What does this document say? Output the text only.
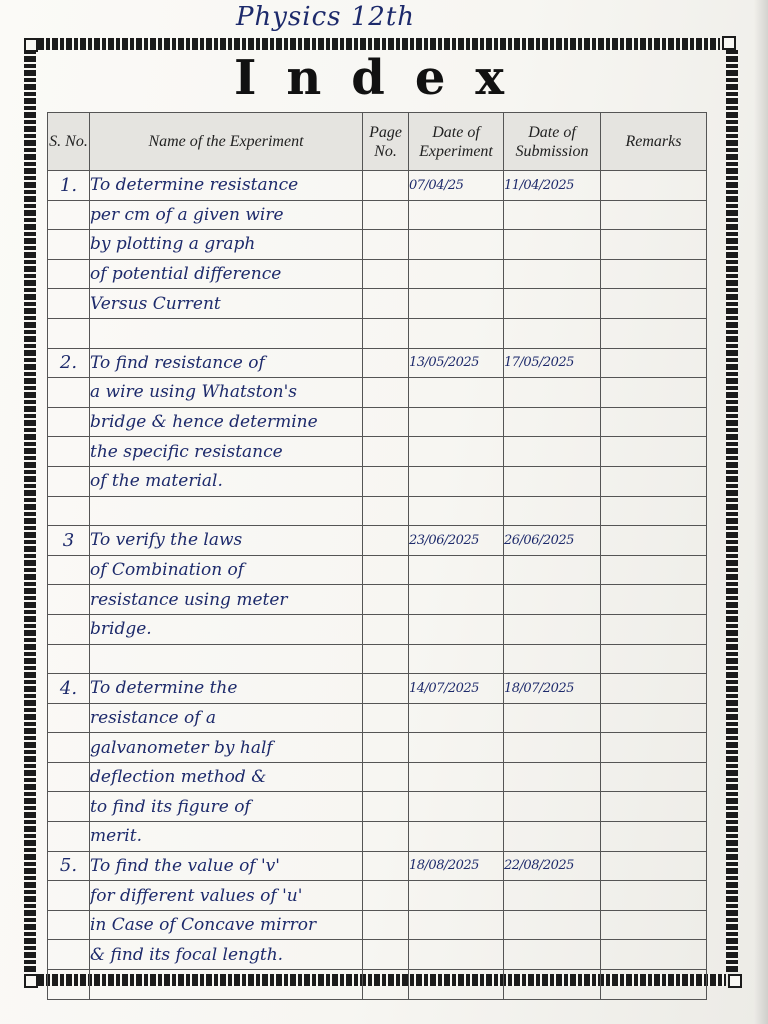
Physics 12th
Index
S. No.	Name of the Experiment	Page No.	Date of Experiment	Date of Submission	Remarks
1.	To determine resistance		07/04/25	11/04/2025	
	per cm of a given wire				
	by plotting a graph				
	of potential difference				
	Versus Current				

2.	To find resistance of		13/05/2025	17/05/2025	
	a wire using Whatston's				
	bridge & hence determine				
	the specific resistance				
	of the material.				

3	To verify the laws		23/06/2025	26/06/2025	
	of Combination of				
	resistance using meter				
	bridge.				

4.	To determine the		14/07/2025	18/07/2025	
	resistance of a				
	galvanometer by half				
	deflection method &				
	to find its figure of				
	merit.				
5.	To find the value of 'v'		18/08/2025	22/08/2025	
	for different values of 'u'				
	in Case of Concave mirror				
	& find its focal length.				
